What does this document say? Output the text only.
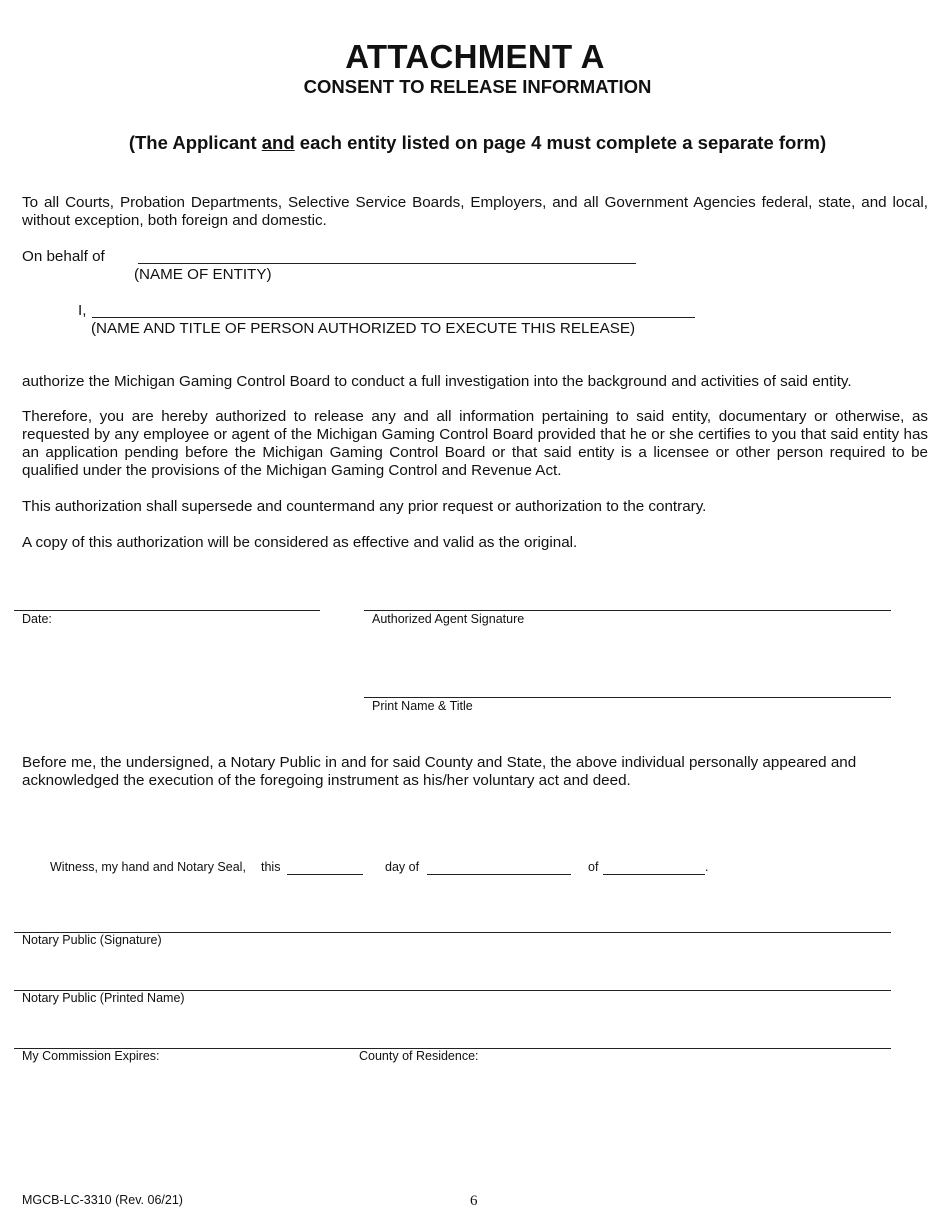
ATTACHMENT A
CONSENT TO RELEASE INFORMATION
(The Applicant and each entity listed on page 4 must complete a separate form)
To all Courts, Probation Departments, Selective Service Boards, Employers, and all Government Agencies federal, state, and local, without exception, both foreign and domestic.
On behalf of
(NAME OF ENTITY)
I,
(NAME AND TITLE OF PERSON AUTHORIZED TO EXECUTE THIS RELEASE)
authorize the Michigan Gaming Control Board to conduct a full investigation into the background and activities of said entity.
Therefore, you are hereby authorized to release any and all information pertaining to said entity, documentary or otherwise, as requested by any employee or agent of the Michigan Gaming Control Board provided that he or she certifies to you that said entity has an application pending before the Michigan Gaming Control Board or that said entity is a licensee or other person required to be qualified under the provisions of the Michigan Gaming Control and Revenue Act.
This authorization shall supersede and countermand any prior request or authorization to the contrary.
A copy of this authorization will be considered as effective and valid as the original.
Date:	Authorized Agent Signature
Print Name & Title
Before me, the undersigned, a Notary Public in and for said County and State, the above individual personally appeared and acknowledged the execution of the foregoing instrument as his/her voluntary act and deed.
Witness, my hand and Notary Seal, this	day of	of	.
Notary Public (Signature)
Notary Public (Printed Name)
My Commission Expires:	County of Residence:
MGCB-LC-3310 (Rev. 06/21)	6
